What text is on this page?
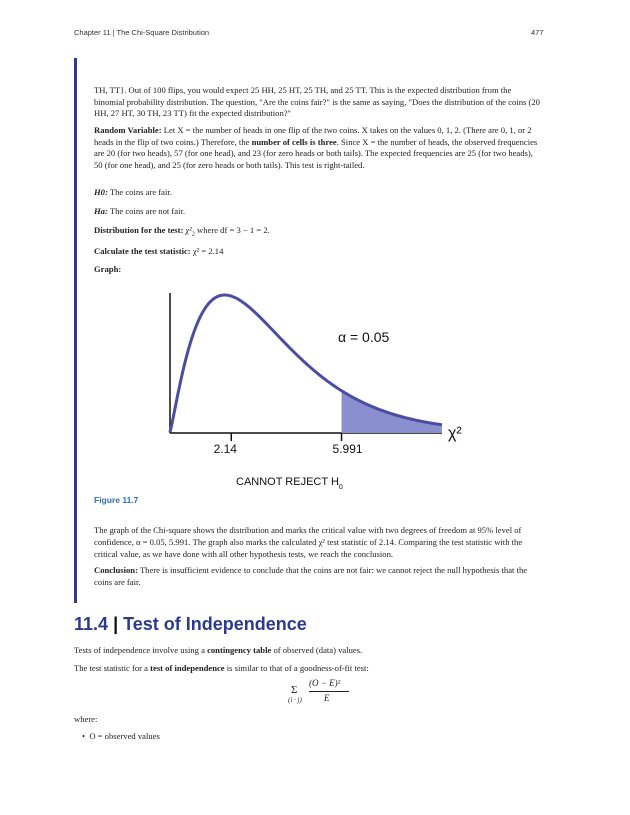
Chapter 11 | The Chi-Square Distribution	477

TH, TT}. Out of 100 flips, you would expect 25 HH, 25 HT, 25 TH, and 25 TT. This is the expected distribution from the binomial probability distribution. The question, "Are the coins fair?" is the same as saying, "Does the distribution of the coins (20 HH, 27 HT, 30 TH, 23 TT) fit the expected distribution?"

Random Variable: Let X = the number of heads in one flip of the two coins. X takes on the values 0, 1, 2. (There are 0, 1, or 2 heads in the flip of two coins.) Therefore, the number of cells is three. Since X = the number of heads, the observed frequencies are 20 (for two heads), 57 (for one head), and 23 (for zero heads or both tails). The expected frequencies are 25 (for two heads), 50 (for one head), and 25 (for zero heads or both tails). This test is right-tailed.

H0: The coins are fair.
Ha: The coins are not fair.
Distribution for the test: $\chi^2_2$ where df = 3 − 1 = 2.
Calculate the test statistic: χ² = 2.14
Graph:
2.14	5.991
α = 0.05
χ²
CANNOT REJECT $H_0$
Figure 11.7
The graph of the Chi-square shows the distribution and marks the critical value with two degrees of freedom at 95% level of confidence, α = 0.05, 5.991. The graph also marks the calculated χ² test statistic of 2.14. Comparing the test statistic with the critical value, as we have done with all other hypothesis tests, we reach the conclusion.
Conclusion: There is insufficient evidence to conclude that the coins are not fair: we cannot reject the null hypothesis that the coins are fair.
11.4 | Test of Independence
Tests of independence involve using a contingency table of observed (data) values.
The test statistic for a test of independence is similar to that of a goodness-of-fit test:
Σ
(i · j)
(O − E)²
E
where:
•  O = observed values
